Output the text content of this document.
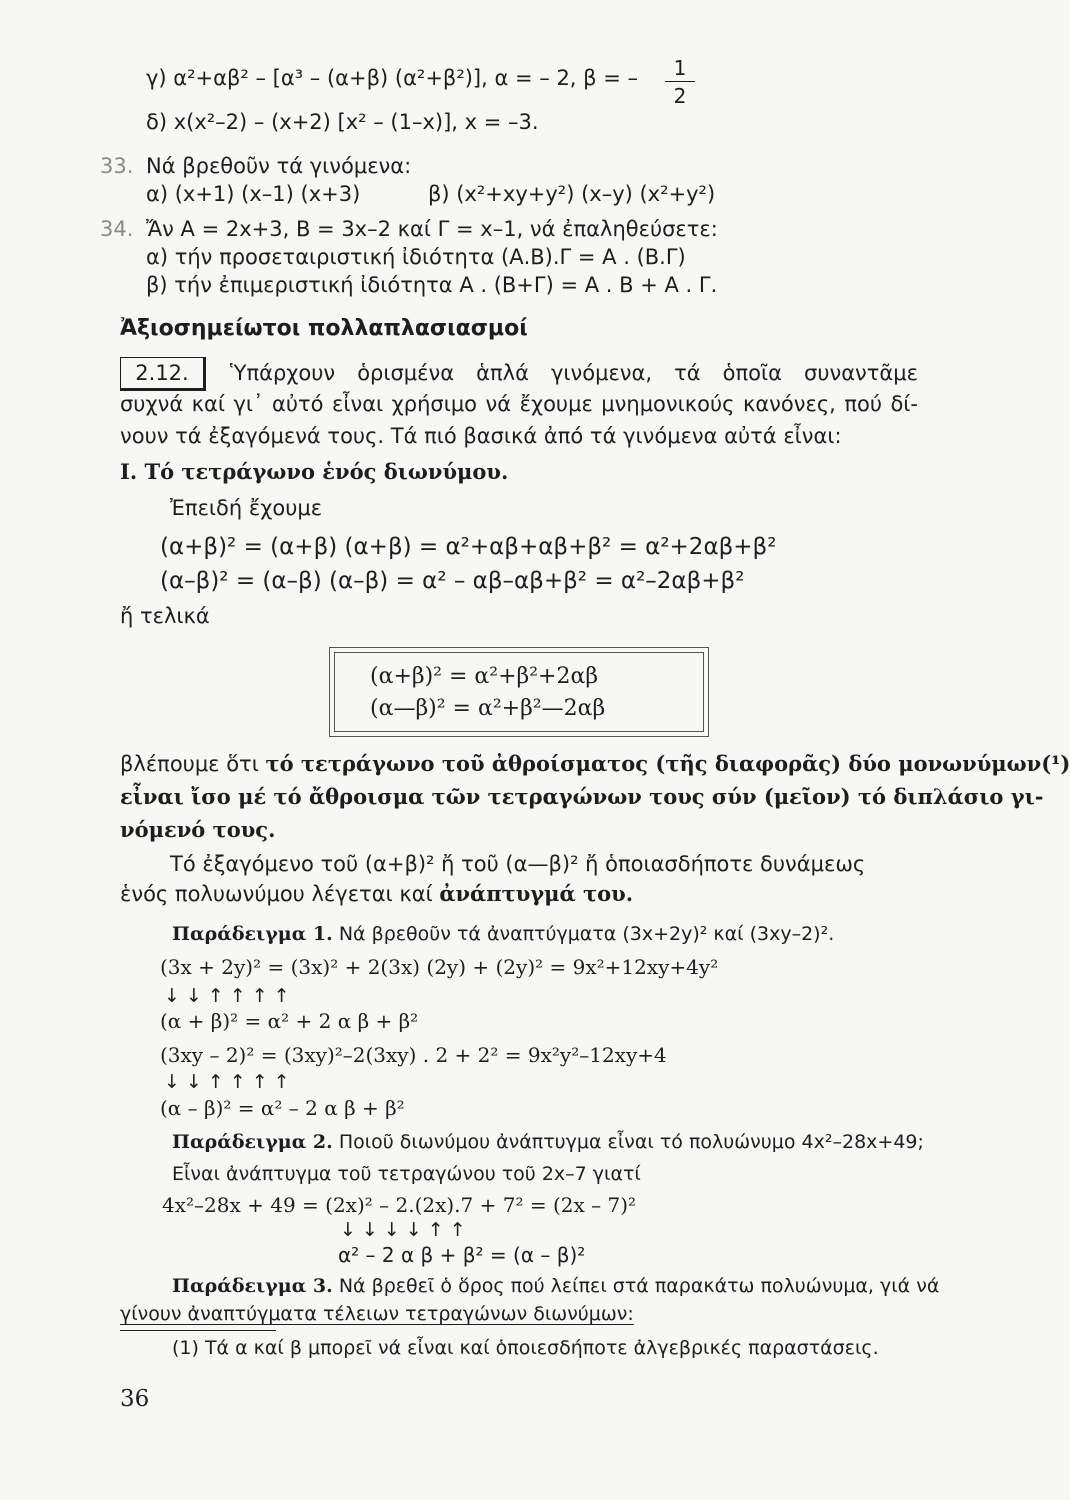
γ) α²+αβ² – [α³ – (α+β) (α²+β²)], α = – 2, β = –	1
2
δ) x(x²–2) – (x+2) [x² – (1–x)], x = –3.
33. Νά βρεθοῦν τά γινόμενα:
α) (x+1) (x–1) (x+3)	β) (x²+xy+y²) (x–y) (x²+y²)
34. Ἄν Α = 2x+3, Β = 3x–2 καί Γ = x–1, νά ἐπαληθεύσετε:
α) τήν προσεταιριστική ἰδιότητα (Α.Β).Γ = Α . (Β.Γ)
β) τήν ἐπιμεριστική ἰδιότητα Α . (Β+Γ) = Α . Β + Α . Γ.
Ἀξιοσημείωτοι πολλαπλασιασμοί
2.12.	Ὑπάρχουν ὁρισμένα ἁπλά γινόμενα, τά ὁποῖα συναντᾶμε
συχνά καί γι᾽ αὐτό εἶναι χρήσιμο νά ἔχουμε μνημονικούς κανόνες, πού δί-
νουν τά ἐξαγόμενά τους. Τά πιό βασικά ἀπό τά γινόμενα αὐτά εἶναι:
Ι. Τό τετράγωνο ἑνός διωνύμου.
Ἐπειδή ἔχουμε
(α+β)² = (α+β) (α+β) = α²+αβ+αβ+β² = α²+2αβ+β²
(α–β)² = (α–β) (α–β) = α² – αβ–αβ+β² = α²–2αβ+β²
ἤ τελικά
(α+β)² = α²+β²+2αβ
(α—β)² = α²+β²—2αβ
βλέπουμε ὅτι τό τετράγωνο τοῦ ἀθροίσματος (τῆς διαφορᾶς) δύο μονωνύμων(¹)
εἶναι ἴσο μέ τό ἄθροισμα τῶν τετραγώνων τους σύν (μεῖον) τό διπλάσιο γι-
νόμενό τους.
Τό ἐξαγόμενο τοῦ (α+β)² ἤ τοῦ (α—β)² ἤ ὁποιασδήποτε δυνάμεως
ἑνός πολυωνύμου λέγεται καί ἀνάπτυγμά του.
Παράδειγμα 1. Νά βρεθοῦν τά ἀναπτύγματα (3x+2y)² καί (3xy–2)².
(3x + 2y)² = (3x)² + 2(3x) (2y) + (2y)² = 9x²+12xy+4y²
↓ ↓ ↑ ↑ ↑ ↑
(α + β)² = α² + 2 α β + β²
(3xy – 2)² = (3xy)²–2(3xy) . 2 + 2² = 9x²y²–12xy+4
↓ ↓ ↑ ↑ ↑ ↑
(α – β)² = α² – 2 α β + β²
Παράδειγμα 2. Ποιοῦ διωνύμου ἀνάπτυγμα εἶναι τό πολυώνυμο 4x²–28x+49;
Εἶναι ἀνάπτυγμα τοῦ τετραγώνου τοῦ 2x–7 γιατί
4x²–28x + 49 = (2x)² – 2.(2x).7 + 7² = (2x – 7)²
↓ ↓ ↓ ↓ ↑ ↑
α² – 2 α β + β² = (α – β)²
Παράδειγμα 3. Νά βρεθεῖ ὁ ὅρος πού λείπει στά παρακάτω πολυώνυμα, γιά νά
γίνουν ἀναπτύγματα τέλειων τετραγώνων διωνύμων:
(1) Τά α καί β μπορεῖ νά εἶναι καί ὁποιεσδήποτε ἀλγεβρικές παραστάσεις.
36
